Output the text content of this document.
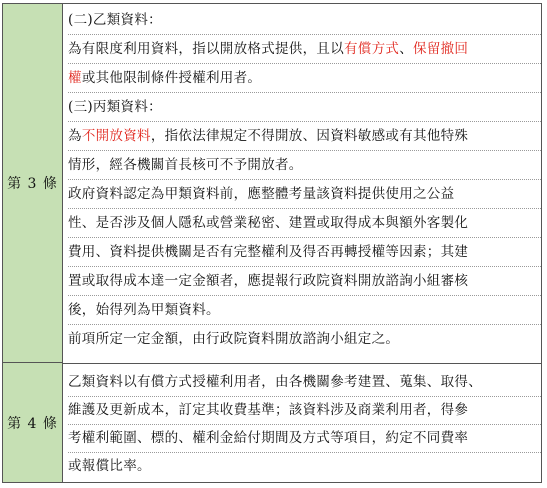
第 3 條
(二)乙類資料：
為有限度利用資料，指以開放格式提供，且以有償方式、保留撤回
權或其他限制條件授權利用者。
(三)丙類資料：
為不開放資料，指依法律規定不得開放、因資料敏感或有其他特殊
情形，經各機關首長核可不予開放者。
政府資料認定為甲類資料前，應整體考量該資料提供使用之公益
性、是否涉及個人隱私或營業秘密、建置或取得成本與額外客製化
費用、資料提供機關是否有完整權利及得否再轉授權等因素；其建
置或取得成本達一定金額者，應提報行政院資料開放諮詢小組審核
後，始得列為甲類資料。
前項所定一定金額，由行政院資料開放諮詢小組定之。
第 4 條
乙類資料以有償方式授權利用者，由各機關參考建置、蒐集、取得、
維護及更新成本，訂定其收費基準；該資料涉及商業利用者，得參
考權利範圍、標的、權利金給付期間及方式等項目，約定不同費率
或報償比率。
